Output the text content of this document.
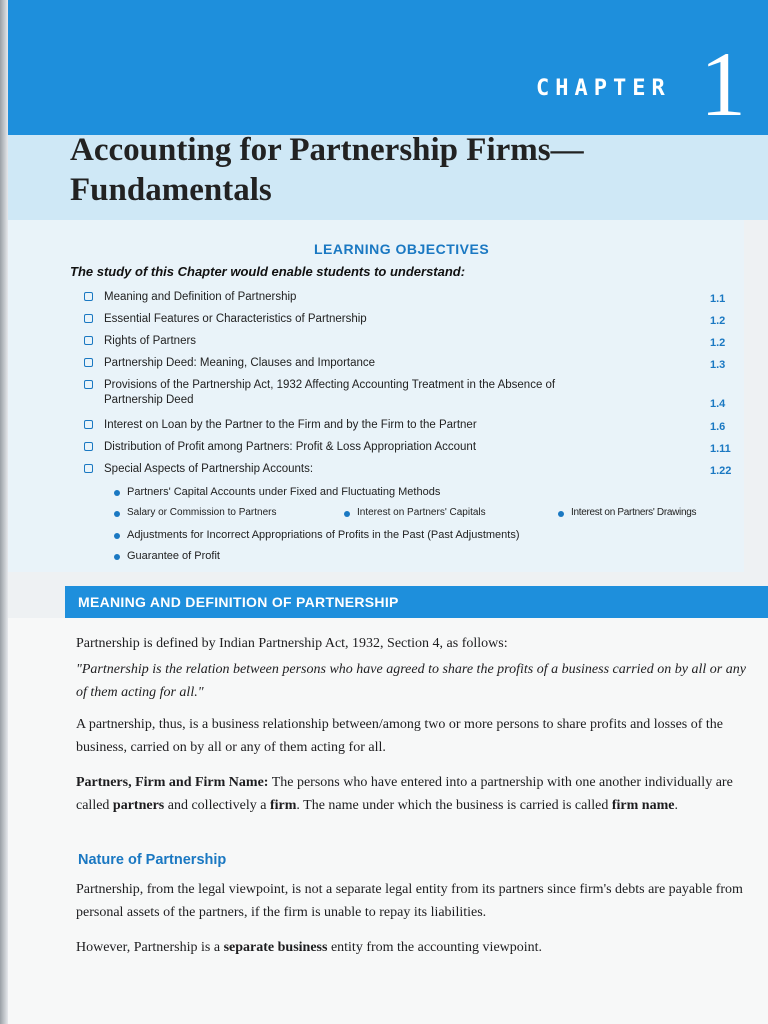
CHAPTER 1
Accounting for Partnership Firms—
Fundamentals
LEARNING OBJECTIVES
The study of this Chapter would enable students to understand:
Meaning and Definition of Partnership	1.1
Essential Features or Characteristics of Partnership	1.2
Rights of Partners	1.2
Partnership Deed: Meaning, Clauses and Importance	1.3
Provisions of the Partnership Act, 1932 Affecting Accounting Treatment in the Absence of Partnership Deed	1.4
Interest on Loan by the Partner to the Firm and by the Firm to the Partner	1.6
Distribution of Profit among Partners: Profit & Loss Appropriation Account	1.11
Special Aspects of Partnership Accounts:	1.22
Partners' Capital Accounts under Fixed and Fluctuating Methods
Salary or Commission to Partners	Interest on Partners' Capitals	Interest on Partners' Drawings
Adjustments for Incorrect Appropriations of Profits in the Past (Past Adjustments)
Guarantee of Profit
MEANING AND DEFINITION OF PARTNERSHIP
Partnership is defined by Indian Partnership Act, 1932, Section 4, as follows:
"Partnership is the relation between persons who have agreed to share the profits of a business carried on by all or any of them acting for all."
A partnership, thus, is a business relationship between/among two or more persons to share profits and losses of the business, carried on by all or any of them acting for all.
Partners, Firm and Firm Name: The persons who have entered into a partnership with one another individually are called partners and collectively a firm. The name under which the business is carried is called firm name.
Nature of Partnership
Partnership, from the legal viewpoint, is not a separate legal entity from its partners since firm's debts are payable from personal assets of the partners, if the firm is unable to repay its liabilities.
However, Partnership is a separate business entity from the accounting viewpoint.
